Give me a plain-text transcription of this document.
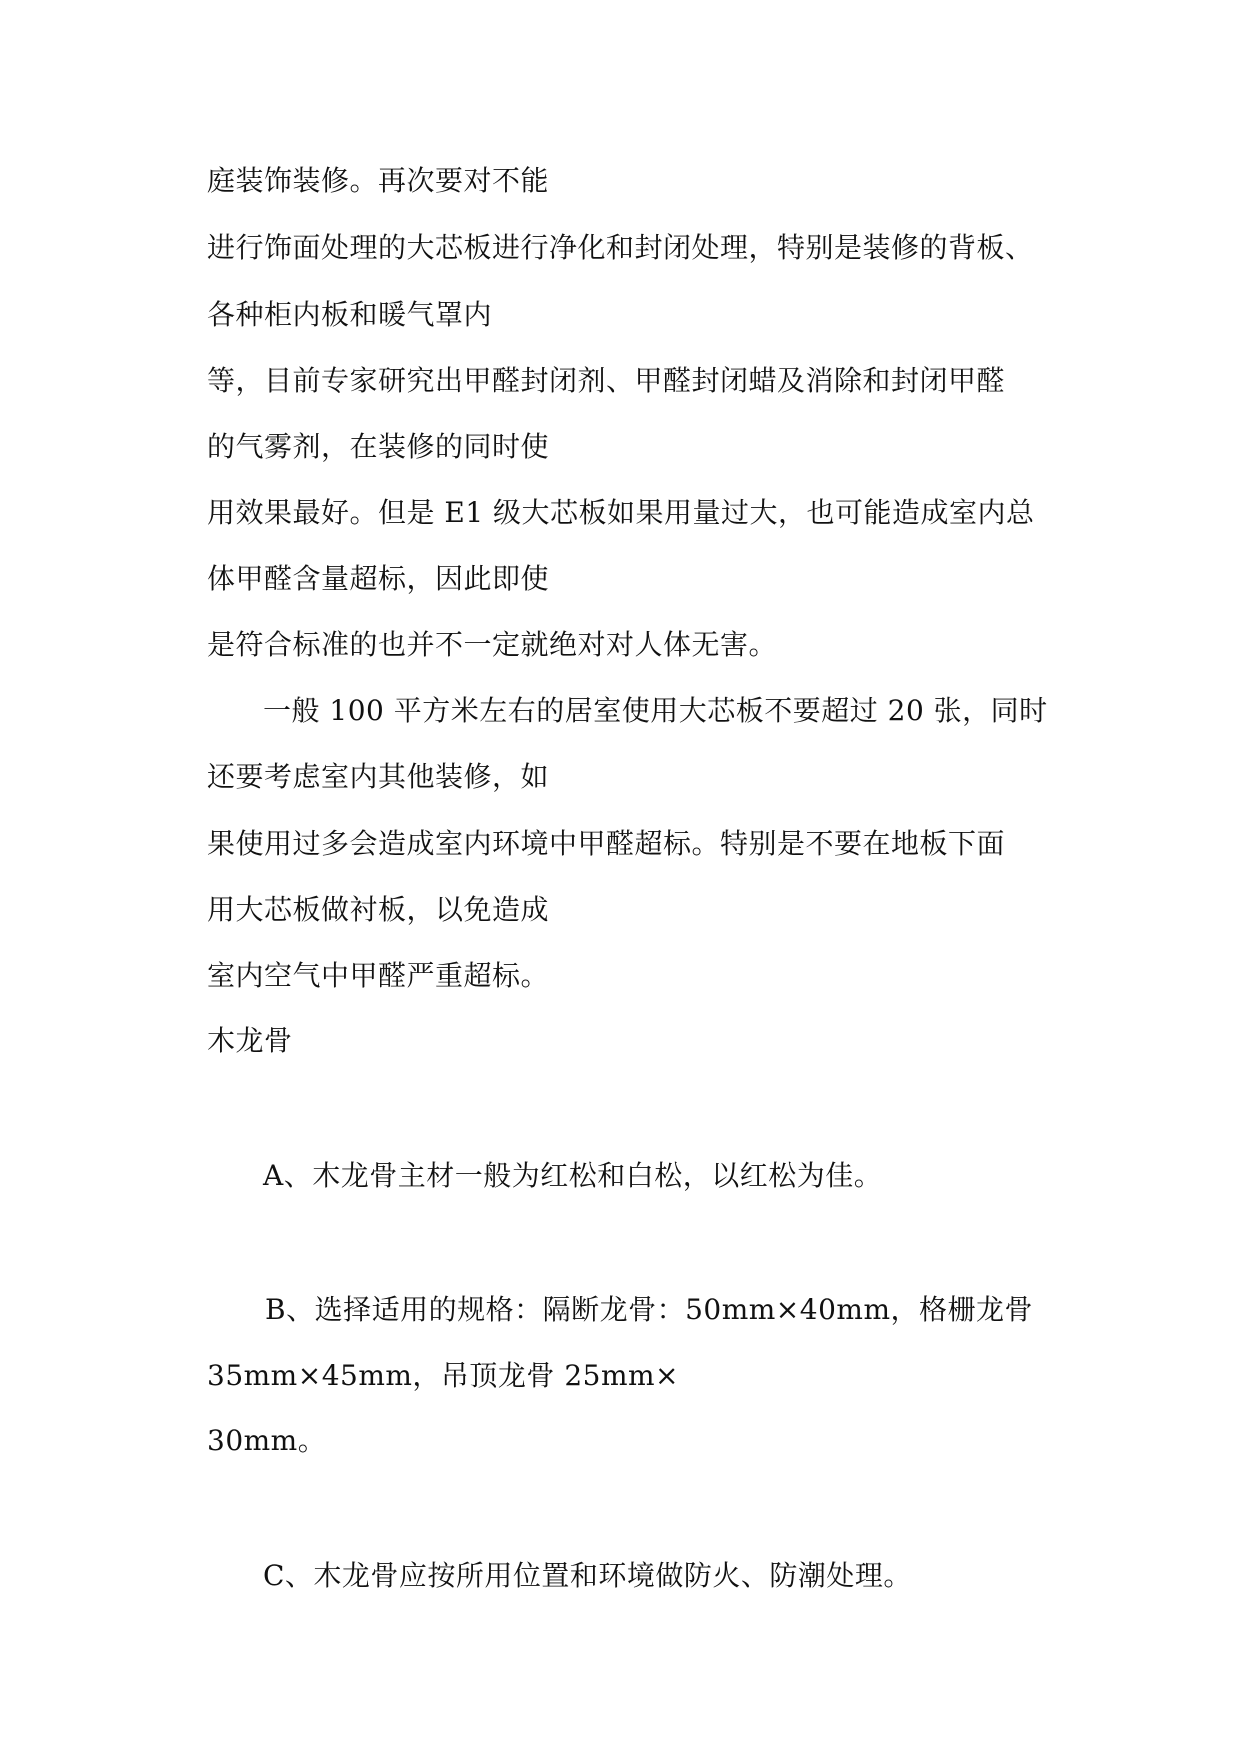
庭装饰装修。再次要对不能
进行饰面处理的大芯板进行净化和封闭处理，特别是装修的背板、
各种柜内板和暖气罩内
等，目前专家研究出甲醛封闭剂、甲醛封闭蜡及消除和封闭甲醛
的气雾剂，在装修的同时使
用效果最好。但是 E1 级大芯板如果用量过大，也可能造成室内总
体甲醛含量超标，因此即使
是符合标准的也并不一定就绝对对人体无害。
一般 100 平方米左右的居室使用大芯板不要超过 20 张，同时
还要考虑室内其他装修，如
果使用过多会造成室内环境中甲醛超标。特别是不要在地板下面
用大芯板做衬板，以免造成
室内空气中甲醛严重超标。
木龙骨
A、木龙骨主材一般为红松和白松，以红松为佳。
B、选择适用的规格：隔断龙骨：50mm×40mm，格栅龙骨
35mm×45mm，吊顶龙骨 25mm×
30mm。
C、木龙骨应按所用位置和环境做防火、防潮处理。
